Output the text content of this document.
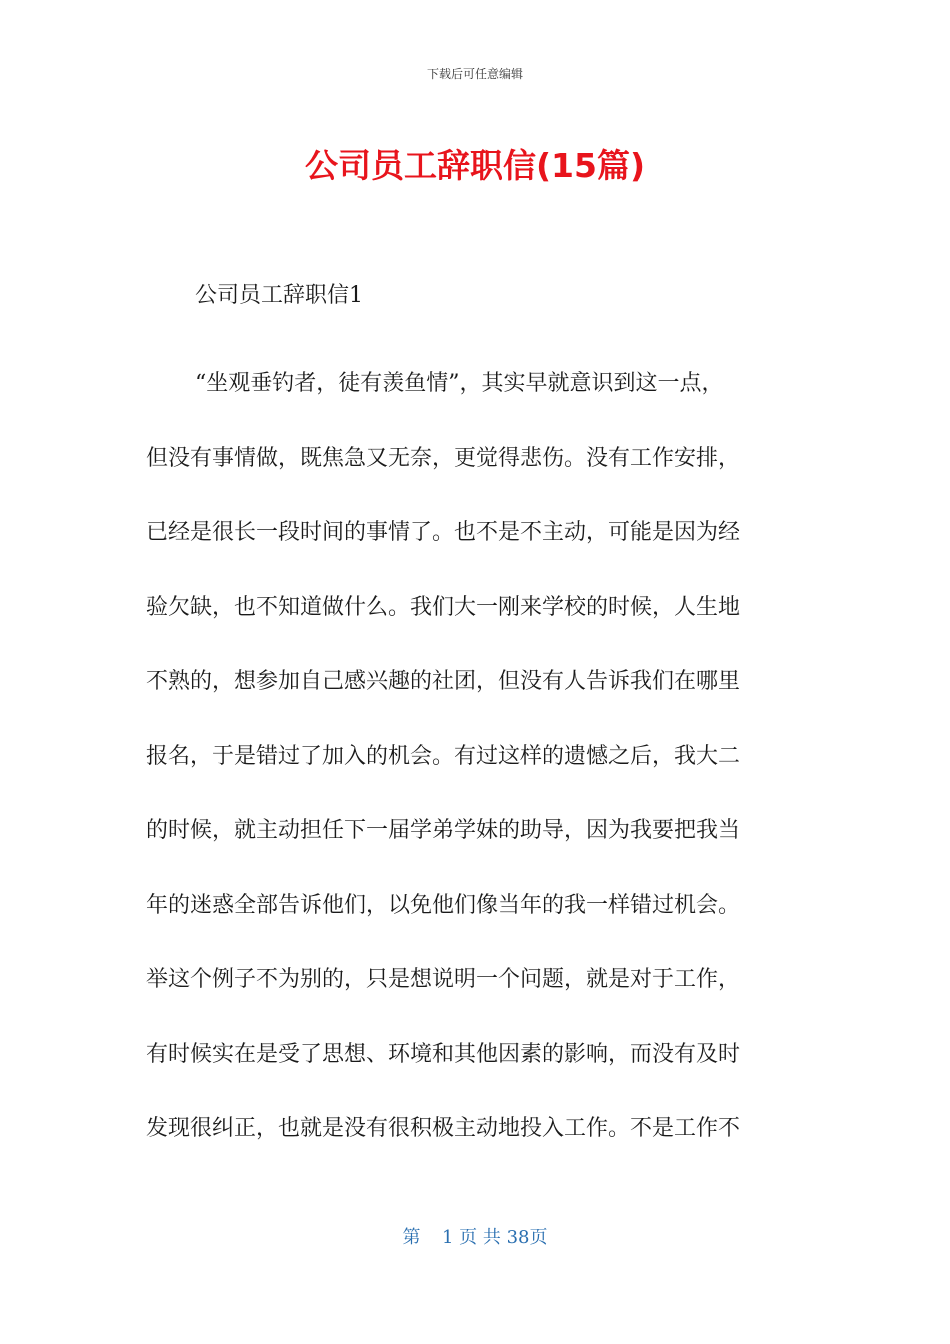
下载后可任意编辑
公司员工辞职信(15篇)
公司员工辞职信1
“坐观垂钓者，徒有羡鱼情”，其实早就意识到这一点，
但没有事情做，既焦急又无奈，更觉得悲伤。没有工作安排，
已经是很长一段时间的事情了。也不是不主动，可能是因为经
验欠缺，也不知道做什么。我们大一刚来学校的时候，人生地
不熟的，想参加自己感兴趣的社团，但没有人告诉我们在哪里
报名，于是错过了加入的机会。有过这样的遗憾之后，我大二
的时候，就主动担任下一届学弟学妹的助导，因为我要把我当
年的迷惑全部告诉他们，以免他们像当年的我一样错过机会。
举这个例子不为别的，只是想说明一个问题，就是对于工作，
有时候实在是受了思想、环境和其他因素的影响，而没有及时
发现很纠正，也就是没有很积极主动地投入工作。不是工作不
第 1 页 共 38页
